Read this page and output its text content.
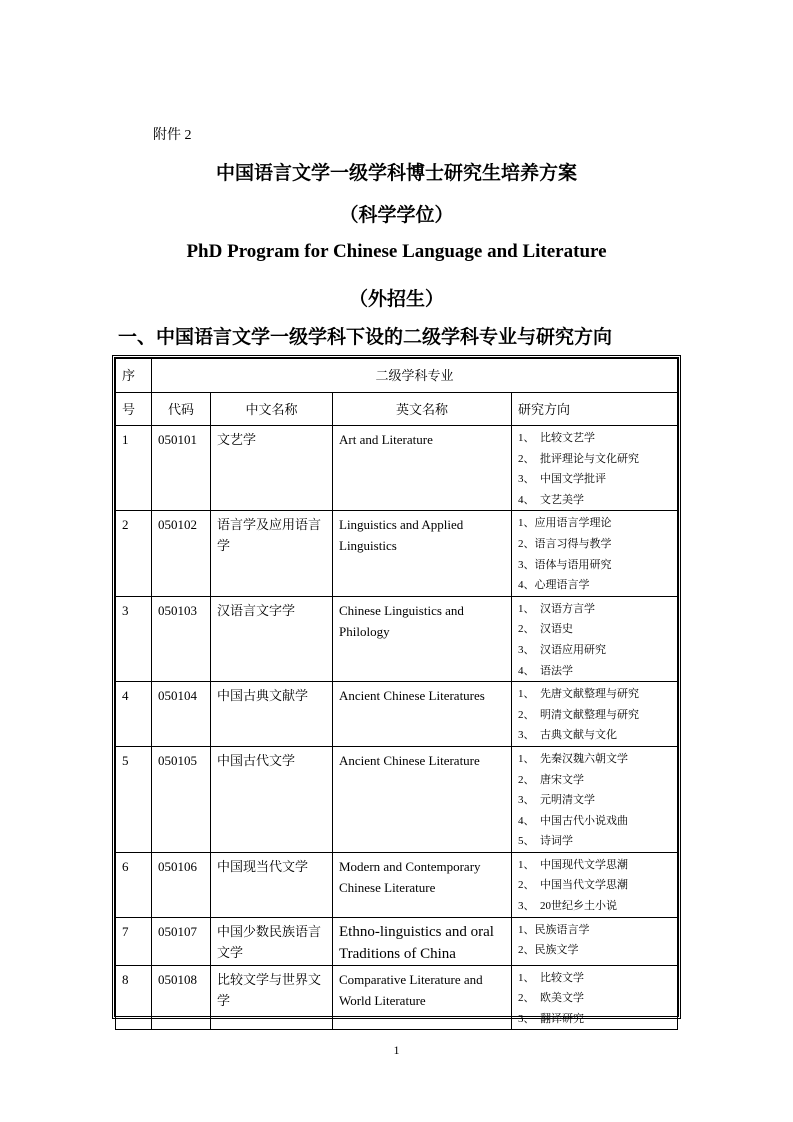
附件 2
中国语言文学一级学科博士研究生培养方案
（科学学位）
PhD Program for Chinese Language and Literature
（外招生）
一、中国语言文学一级学科下设的二级学科专业与研究方向
序	二级学科专业			
号	代码	中文名称	英文名称	研究方向
1	050101	文艺学	Art and Literature	1、　比较文艺学
2、　批评理论与文化研究
3、　中国文学批评
4、　文艺美学

2	050102	语言学及应用语言学	Linguistics and Applied Linguistics	1、应用语言学理论
2、语言习得与教学
3、语体与语用研究
4、心理语言学

3	050103	汉语言文字学	Chinese Linguistics and Philology	1、　汉语方言学
2、　汉语史
3、　汉语应用研究
4、　语法学

4	050104	中国古典文献学	Ancient Chinese Literatures	1、　先唐文献整理与研究
2、　明清文献整理与研究
3、　古典文献与文化

5	050105	中国古代文学	Ancient Chinese Literature	1、　先秦汉魏六朝文学
2、　唐宋文学
3、　元明清文学
4、　中国古代小说戏曲
5、　诗词学

6	050106	中国现当代文学	Modern and Contemporary Chinese Literature	1、　中国现代文学思潮
2、　中国当代文学思潮
3、　20世纪乡土小说

7	050107	中国少数民族语言文学	Ethno-linguistics and oral Traditions of China	1、民族语言学
2、民族文学

8	050108	比较文学与世界文学	Comparative Literature and World Literature	1、　比较文学
2、　欧美文学
3、　翻译研究
1
